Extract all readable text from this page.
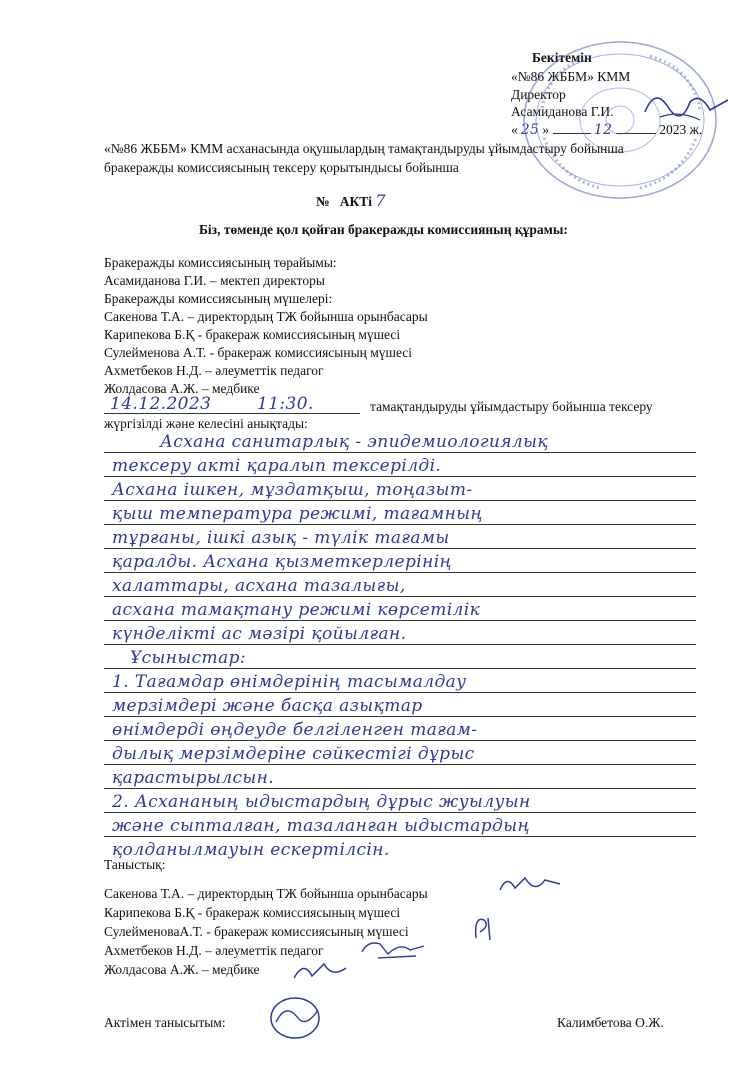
Бекітемін
«№86 ЖББМ» КММ
Директор
Асамиданова Г.И.
« 25 »	12	2023 ж.
«№86 ЖББМ» КММ асханасында оқушылардың тамақтандыруды ұйымдастыру бойынша
бракеражды комиссиясының тексеру қорытындысы бойынша
№ АКТі 7
Біз, төменде қол қойған бракеражды комиссияның құрамы:
Бракеражды комиссиясының төрайымы:
Асамиданова Г.И. – мектеп директоры
Бракеражды комиссиясының мүшелері:
Сакенова Т.А. – директордың ТЖ бойынша орынбасары
Карипекова Б.Қ - бракераж комиссиясының мүшесі
Сулейменова А.Т. - бракераж комиссиясының мүшесі
Ахметбеков Н.Д. – әлеуметтік педагог
Жолдасова А.Ж. – медбике
14.12.2023	11:30.	тамақтандыруды ұйымдастыру бойынша тексеру
жүргізілді және келесіні анықтады:
Асхана санитарлық - эпидемиологиялық
тексеру акті қаралып тексерілді.
Асхана ішкен, мұздатқыш, тоңазыт-
қыш температура режимі, тағамның
тұрғаны, ішкі азық - түлік тағамы
қаралды. Асхана қызметкерлерінің
халаттары, асхана тазалығы,
асхана тамақтану режимі көрсетілік
күнделікті ас мәзірі қойылған.
Ұсыныстар:
1. Тағамдар өнімдерінің тасымалдау
мерзімдері және басқа азықтар
өнімдерді өңдеуде белгіленген тағам-
дылық мерзімдеріне сәйкестігі дұрыс
қарастырылсын.
2. Асхананың ыдыстардың дұрыс жуылуын
және сыпталған, тазаланған ыдыстардың
қолданылмауын ескертілсін.
Таныстық:
Сакенова Т.А. – директордың ТЖ бойынша орынбасары
Карипекова Б.Қ - бракераж комиссиясының мүшесі
СулейменоваА.Т. - бракераж комиссиясының мүшесі
Ахметбеков Н.Д. – әлеуметтік педагог
Жолдасова А.Ж. – медбике
Актімен танысытым:	Калимбетова О.Ж.
